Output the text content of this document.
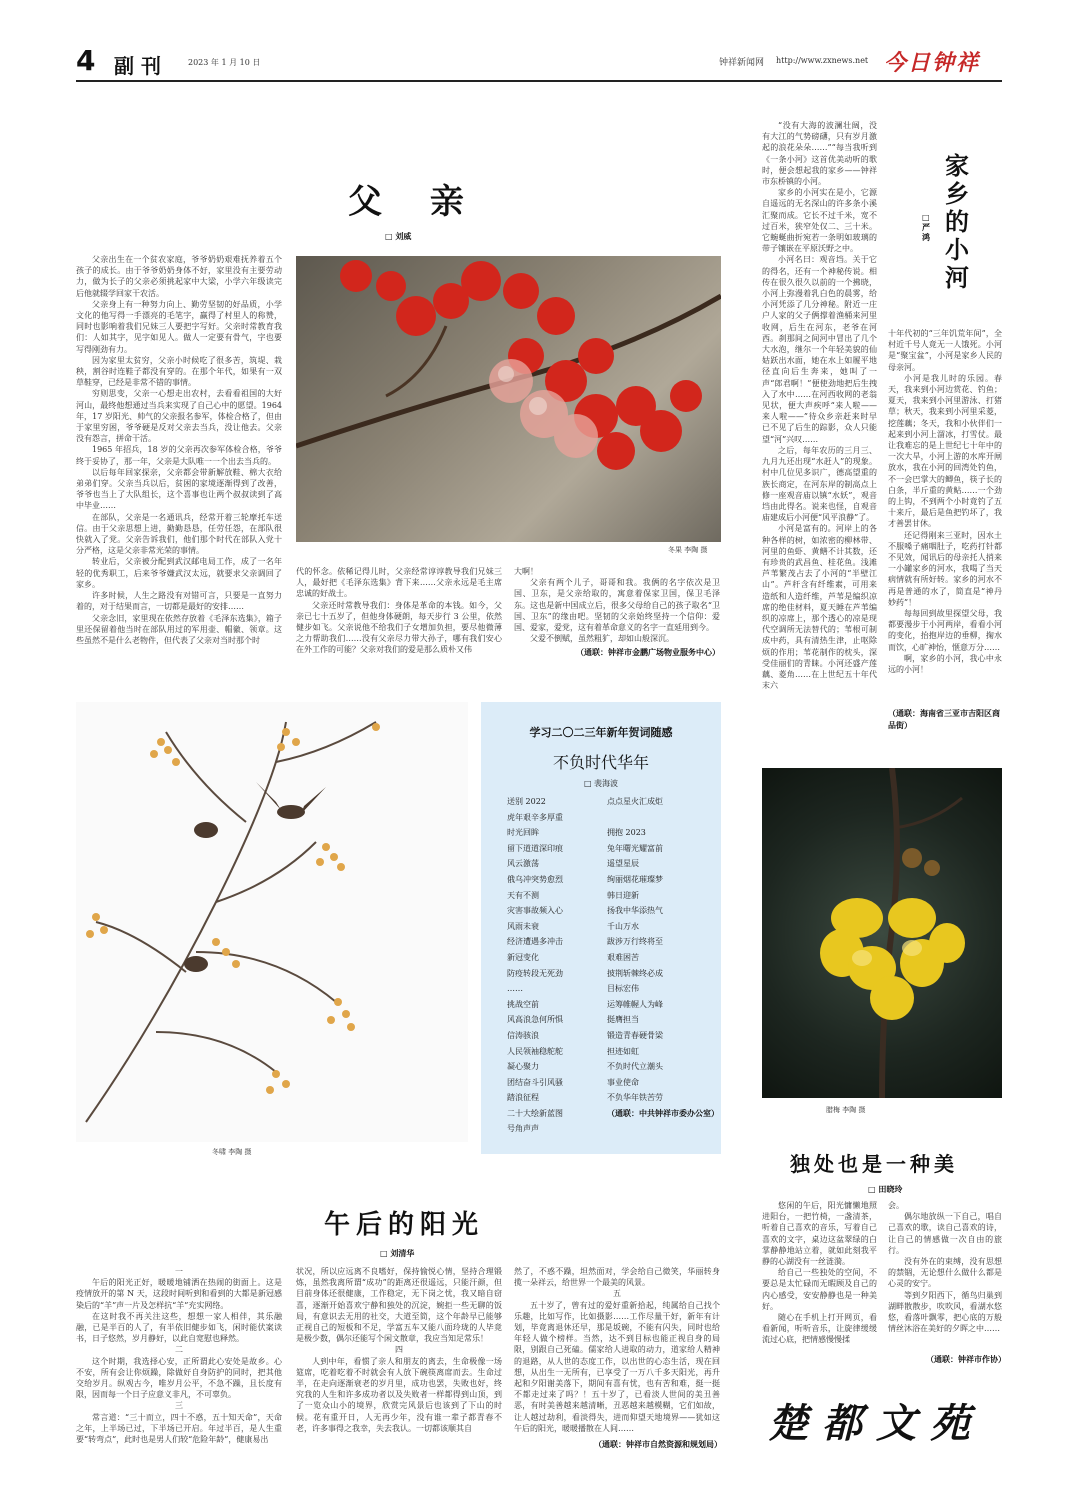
4 副 刊	2023 年 1 月 10 日	钟祥新闻网 http://www.zxnews.net 今日钟祥
父 亲
□ 刘威

父亲出生在一个贫农家庭，爷爷奶奶艰难抚养着五个孩子的成长。由于爷爷奶奶身体不好，家里没有主要劳动力，做为长子的父亲必须挑起家中大梁，小学六年级读完后他就辍学回家干农活。

父亲身上有一种努力向上、勤劳坚韧的好品质，小学文化的他写得一手漂亮的毛笔字，赢得了村里人的称赞，同时也影响着我们兄妹三人要把字写好。父亲时常教育我们：人如其字，见字如见人。做人一定要有骨气，字也要写得刚劲有力。

因为家里太贫穷，父亲小时候吃了很多苦，筑堤、栽秧，割谷时连鞋子都没有穿的。在那个年代，如果有一双草鞋穿，已经是非常不错的事情。

穷则思变，父亲一心想走出农村，去看看祖国的大好河山，最终他想通过当兵来实现了自己心中的愿望。1964 年，17 岁阳光、帅气的父亲报名参军，体检合格了，但由于家里穷困，爷爷硬是反对父亲去当兵，没让他去。父亲没有怨言，拼命干活。

1965 年招兵，18 岁的父亲再次参军体检合格，爷爷终于妥协了，那一年，父亲是大队唯一一个出去当兵的。

以后每年回家探亲，父亲都会带新解放鞋、棉大衣给弟弟们穿。父亲当兵以后，贫困的家境逐渐得到了改善，爷爷也当上了大队组长，这个喜事也让两个叔叔读到了高中毕业……

在部队，父亲是一名通讯兵，经常开着三轮摩托车送信。由于父亲思想上进，勤勤恳恳，任劳任怨，在部队很快就入了党。父亲告诉我们，他们那个时代在部队入党十分严格，这是父亲非常光荣的事情。

转业后，父亲被分配到武汉邮电局工作，成了一名年轻的优秀职工，后来爷爷嫌武汉太远，就要求父亲调回了家乡。

许多时候，人生之路没有对错可言，只要是一直努力着的，对于结果而言，一切都是最好的安排……

父亲念旧，家里现在依然存放着《毛泽东选集》，箱子里还保留着他当时在部队用过的军用壶、帽徽、领章。这些虽然不是什么老物件，但代表了父亲对当时那个时

冬果 李陶 摄

代的怀念。依稀记得儿时，父亲经常谆谆教导我们兄妹三人，最好把《毛泽东选集》背下来……父亲永远是毛主席忠诚的好战士。

父亲还时常教导我们：身体是革命的本钱。如今，父亲已七十五岁了，但他身体硬朗，每天步行 3 公里，依然健步如飞。父亲说他不给我们子女增加负担，要尽他微薄之力帮助我们……没有父亲尽力带大孙子，哪有我们安心在外工作的可能？父亲对我们的爱是那么质朴又伟

大啊！

父亲有两个儿子，哥哥和我。我俩的名字依次是卫国、卫东，是父亲给取的，寓意着保家卫国，保卫毛泽东。这也是新中国成立后，很多父母给自己的孩子取名“卫国、卫东”的缘由吧。坚韧的父亲始终坚持一个信仰：爱国、爱家，爱党，这有着革命意义的名字一直延用到今。

父爱不倒赋，虽然粗犷，却如山般深沉。

（通联：钟祥市金鹏广场物业服务中心）

“没有大海的波澜壮阔，没有大江的气势磅礴，只有岁月激起的浪花朵朵……”“每当我听到《一条小河》这首优美动听的歌时，便会想起我的家乡——钟祥市东桥镇的小河。

家乡的小河实在是小，它源自遥远的无名深山的许多条小溪汇聚而成。它长不过千米，宽不过百米，狭窄处仅二、三十米。它蜿蜒曲折宛若一条明如玻璃的带子镶嵌在平原沃野之中。

小河名曰：观音垱。关于它的得名，还有一个神秘传说。相传在很久很久以前的一个拂晓，小河上弥漫着乳白色的晨雾，给小河凭添了几分神秘。附近一庄户人家的父子俩撑着渔桶来河里收网，后生在河东，老爷在河西。刹那间之间河中冒出了几个大水泡，继尔一个年轻美貌的仙姑跃出水面，她在水上如履平地径直向后生奔来，她叫了一声“郎君啊！”便使劲地把后生拽入了水中……在河西收网的老翁见状，便大声疾呼“来人啦——来人啦——”待众乡亲赶来时早已不见了后生的踪影，众人只能望“河”兴叹……

之后，每年农历的三月三、九月九还出现“水赶人”的现象。村中几位见多识广，德高望重的族长商定，在河东岸的制高点上修一座观音庙以镇“水妖”，观音垱由此得名。说来也怪，自观音庙建成后小河便“风平浪静”了。

小河是富有的。河岸上的各种各样的树，如浓密的柳林带、河里的鱼虾、黄鳝不计其数，还有珍贵的武昌鱼、桂花鱼。浅滩芦苇繁茂占去了小河的“半壁江山”。芦秆含有纤维素，可用来造纸和人造纤维，芦苇是编织凉席的绝佳材料，夏天睡在芦苇编织的凉席上，那个透心的凉是现代空调所无法替代的；苇根可制成中药，具有清热生津，止呕除烦的作用；苇花制作的枕头，深受佳丽们的青睐。小河还盛产莲藕、菱角……在上世纪五十年代末六

家乡的小河
□ 严鸿

十年代初的“三年饥荒年间”，全村近千号人竟无一人饿死。小河是“聚宝盆”，小河是家乡人民的母亲河。

小河是我儿时的乐园。春天，我来到小河边赏花、钓鱼；夏天，我来到小河里游泳、打猪草；秋天，我来到小河里采菱，挖莲藕；冬天，我和小伙伴们一起来到小河上溜冰，打雪仗。最让我难忘的是上世纪七十年中的一次大旱，小河上游的水库开闸放水，我在小河的回湾处钓鱼，不一会巴掌大的鲫鱼，筷子长的白条，半斤重的黄鲇……一个劲的上钩，不到两个小时竟钓了五十来斤，最后是鱼把钓坏了，我才善罢甘休。

还记得刚来三亚时，因水土不服嗓子痛咽肚子，吃药打针都不见效，闻讯后的母亲托人捎来一小罐家乡的河水，我喝了当天病情就有所好转。家乡的河水不再是普通的水了，简直是“神丹妙药”！

每每回到故里探望父母，我都要漫步于小河两岸，看看小河的变化，抬抱岸边的垂柳，掬水而饮，心旷神怡，惬意万分……

啊，家乡的小河，我心中永远的小河！

（通联：海南省三亚市吉阳区商品街）
冬啸 李陶 摄
学习二〇二三年新年贺词随感
不负时代华年
□ 裴海波
送别 2022
虎年艰辛多厚重
时光回眸
留下道道深印痕
风云激荡
俄乌冲突势愈烈
天有不测
灾害事故频入心
风雨未衰
经济遭遇多冲击
新冠变化
防疫转段无死劲
……
挑战空前
风高浪急何所惧
信涛骇浪
人民领袖稳舵舵
凝心聚力
团结奋斗引风骚
踏浪征程
二十大绘新蓝图
号角声声
点点星火汇成炬
拥抱 2023
兔年曙光耀富前
遥望星辰
绚丽烟花璀璨梦
韩日迎新
扬我中华添热气
千山万水
跋涉万行终将至
艰难困苦
披荆斩棘终必成
目标宏伟
运筹帷幄人为峰
挺膺担当
锻造青春硬骨梁
担迹如虹
不负时代立潮头
事业使命
不负华年铁苦劳
（通联：中共钟祥市委办公室）	腊梅 李陶 摄
午后的阳光
□ 刘清华

一

午后的阳光正好，暖暖地铺洒在热闹的街面上。这是疫情放开的第 N 天，这段时间听到和看到的大都是新冠感染后的“羊”声一片及怎样抗“羊”充实网络。

在这时我不再关注这些，想想一家人相伴，其乐融融，已是半百的人了，有半依旧健步如飞，闲时能伏案读书，日子悠然，岁月静好，以此自宽慰也释然。

二

这个时期，我选择心安，正所谓此心安处是故乡。心不安，所有会让你烦躁，除做好自身防护的同时，把其他交给岁月。纵观古今，唯岁月公平，不急不躁，且长度有限，因而每一个日子应意义非凡，不可辜负。

三

常言道：“三十而立，四十不惑，五十知天命”，天命之年，上半场已过，下半场已开启。年过半百，是人生重要“转弯点”，此时也是男人们较“危险年龄”，健康易出

状况，所以应远离不良嗜好，保持愉悦心情，坚持合理锻炼，虽然我离所谓“成功”的距离还很遥远，只能汗颜，但目前身体还很健康，工作稳定，无下岗之忧，我又暗自窃喜，逐渐开始喜欢宁静和独处的沉淀，婉拒一些无聊的饭局，有意识去无用的社交，大道至简，这个年龄早已能够正视自己的短板和不足，学富五车又能八面玲珑的人毕竟是极少数，偶尔还能写个闲文散章，我应当知足常乐！

四

人到中年，看惯了亲人和朋友的离去，生命极像一场筵席，吃着吃着不时就会有人放下碗筷离席而去。生命过半，在走向逐渐衰老的岁月里，成功也罢，失败也好，终究我的人生和许多成功者以及失败者一样都得到山顶，到了一览众山小的境界，欣赏完风景后也该到了下山的时候。花有重开日，人无再少年，没有谁一辈子都青春不老，许多事得之我幸，失去我认。一切都该顺其自

然了，不惑不躁，坦然面对，学会给自己微笑，华丽转身揽一朵祥云，给世界一个最美的风景。

五

五十岁了，曾有过的爱好重新拾起，纯属给自己找个乐趣，比如写作，比如摄影……工作尽量干好，新年有计划，毕竟离退休还早，那是坂碗，不能有闪失，同时也给年轻人做个榜样。当然，达不到目标也能正视自身的局限，别跟自己死磕。儒家给人进取的动力，道家给人精神的退路，从人世的态度工作，以出世的心态生活，现在回想，从出生一无所有，已享受了一万八千多天阳光，再升起和夕阳谢美落下，期间有喜有忧，也有苦和难，挺一挺不都走过来了吗？！五十岁了，已看淡人世间的美丑善恶，有时美善越来越清晰，丑恶越来越模糊，它们如故，让人越过劫利，看淡得失，进而仰望天地境界——犹如这午后的阳光，暖暖播散在人间……

（通联：钟祥市自然资源和规划局）
独处也是一种美
□ 田晓玲

悠闲的午后，阳光慵懒地照进阳台，一把竹椅，一盏清茶，听着自己喜欢的音乐，写着自己喜欢的文字，桌边这盆翠绿的白掌静静地站立着，就如此刻我平静的心湖没有一丝涟漪。

给自己一些独处的空间，不要总是太忙碌而无暇顾及自己的内心感受，安安静静也是一种美好。

随心在手机上打开网页，看看新闻，听听音乐，让旋律缓缓流过心底，把情感慢慢揉

会。

偶尔地放纵一下自己，唱自己喜欢的歌，读自己喜欢的诗，让自己的情感做一次自由的旅行。

没有外在的束缚，没有思想的禁锢，无论想什么做什么都是心灵的安宁。

等到夕阳西下，循鸟归巢到湖畔散散步，吹吹风，看湖水悠悠，看落叶飘零，把心底的万般情丝沐浴在美好的夕晖之中……

（通联：钟祥市作协）
楚都文苑
